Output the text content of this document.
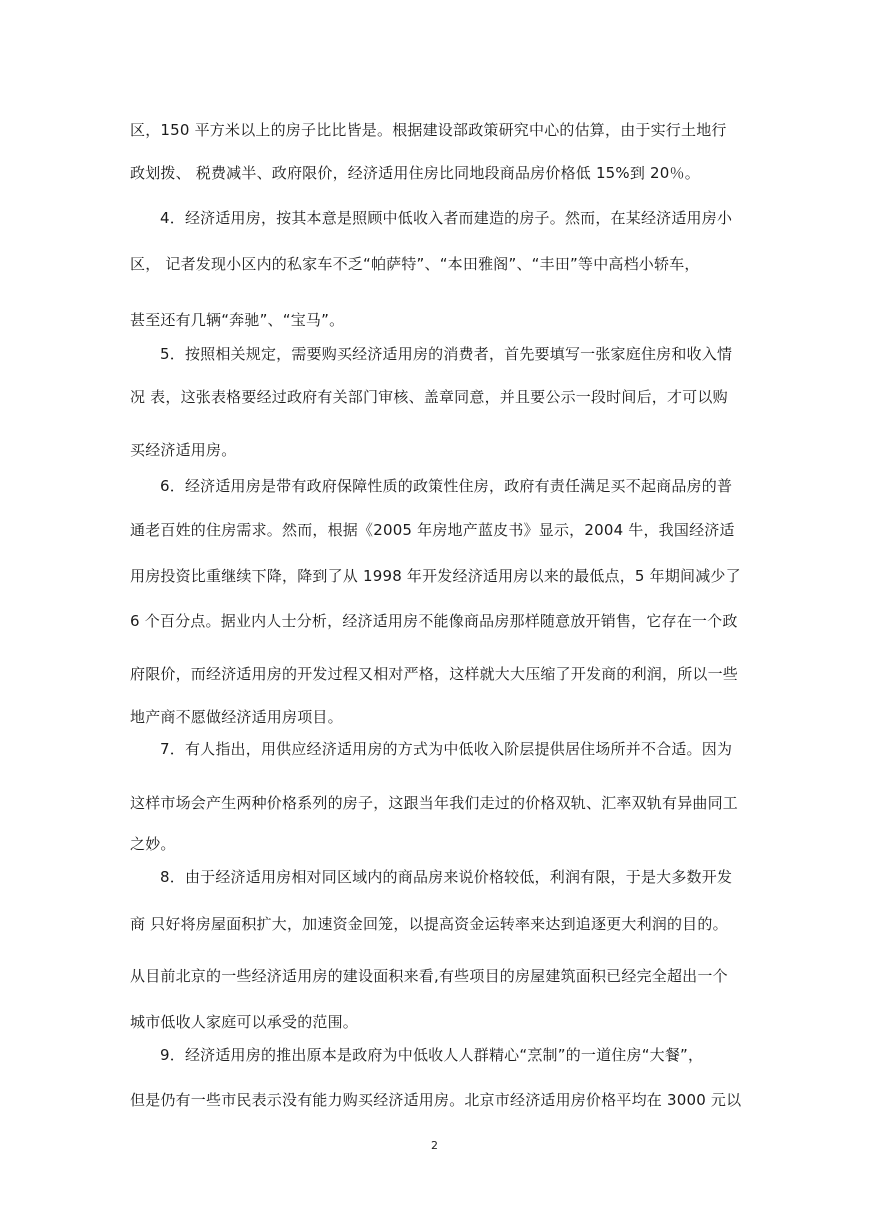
区，150 平方米以上的房子比比皆是。根据建设部政策研究中心的估算，由于实行土地行
政划拨、 税费减半、政府限价，经济适用住房比同地段商品房价格低 15%到 20％。
4．经济适用房，按其本意是照顾中低收入者而建造的房子。然而，在某经济适用房小
区， 记者发现小区内的私家车不乏“帕萨特”、“本田雅阁”、“丰田”等中高档小轿车，
甚至还有几辆“奔驰”、“宝马”。
5．按照相关规定，需要购买经济适用房的消费者，首先要填写一张家庭住房和收入情
况 表，这张表格要经过政府有关部门审核、盖章同意，并且要公示一段时间后，才可以购
买经济适用房。
6．经济适用房是带有政府保障性质的政策性住房，政府有责任满足买不起商品房的普
通老百姓的住房需求。然而，根据《2005 年房地产蓝皮书》显示，2004 牛，我国经济适
用房投资比重继续下降，降到了从 1998 年开发经济适用房以来的最低点，5 年期间减少了
6 个百分点。据业内人士分析，经济适用房不能像商品房那样随意放开销售，它存在一个政
府限价，而经济适用房的开发过程又相对严格，这样就大大压缩了开发商的利润，所以一些
地产商不愿做经济适用房项目。
7．有人指出，用供应经济适用房的方式为中低收入阶层提供居住场所并不合适。因为
这样市场会产生两种价格系列的房子，这跟当年我们走过的价格双轨、汇率双轨有异曲同工
之妙。
8．由于经济适用房相对同区域内的商品房来说价格较低，利润有限，于是大多数开发
商 只好将房屋面积扩大，加速资金回笼，以提高资金运转率来达到追逐更大利润的目的。
从目前北京的一些经济适用房的建设面积来看,有些项目的房屋建筑面积已经完全超出一个
城市低收人家庭可以承受的范围。
9．经济适用房的推出原本是政府为中低收人人群精心“烹制”的一道住房“大餐”，
但是仍有一些市民表示没有能力购买经济适用房。北京市经济适用房价格平均在 3000 元以
2
